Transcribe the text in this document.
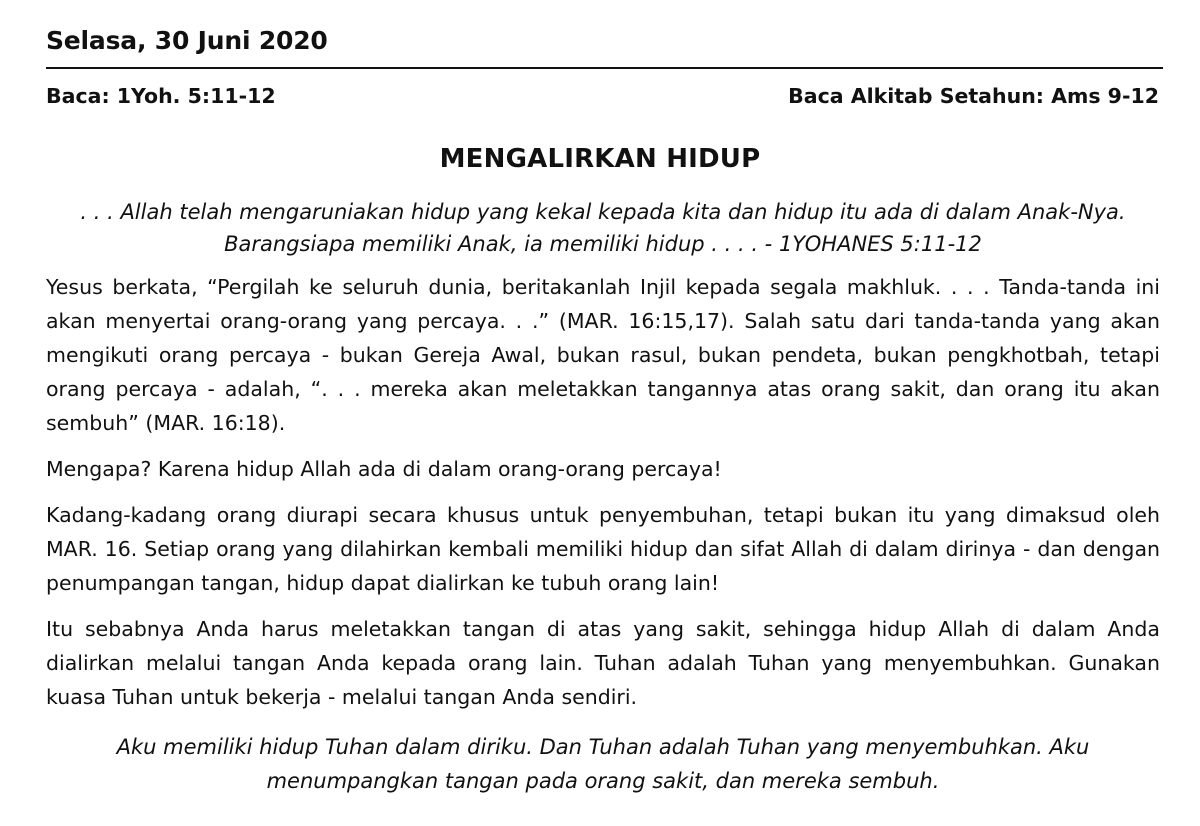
Selasa, 30 Juni 2020
Baca: 1Yoh. 5:11-12	Baca Alkitab Setahun: Ams 9-12
MENGALIRKAN HIDUP
. . . Allah telah mengaruniakan hidup yang kekal kepada kita dan hidup itu ada di dalam Anak-Nya. Barangsiapa memiliki Anak, ia memiliki hidup . . . . - 1YOHANES 5:11-12

Yesus berkata, “Pergilah ke seluruh dunia, beritakanlah Injil kepada segala makhluk. . . . Tanda-tanda ini akan menyertai orang-orang yang percaya. . .” (MAR. 16:15,17). Salah satu dari tanda-tanda yang akan mengikuti orang percaya - bukan Gereja Awal, bukan rasul, bukan pendeta, bukan pengkhotbah, tetapi orang percaya - adalah, “. . . mereka akan meletakkan tangannya atas orang sakit, dan orang itu akan sembuh” (MAR. 16:18).

Mengapa? Karena hidup Allah ada di dalam orang-orang percaya!

Kadang-kadang orang diurapi secara khusus untuk penyembuhan, tetapi bukan itu yang dimaksud oleh MAR. 16. Setiap orang yang dilahirkan kembali memiliki hidup dan sifat Allah di dalam dirinya - dan dengan penumpangan tangan, hidup dapat dialirkan ke tubuh orang lain!

Itu sebabnya Anda harus meletakkan tangan di atas yang sakit, sehingga hidup Allah di dalam Anda dialirkan melalui tangan Anda kepada orang lain. Tuhan adalah Tuhan yang menyembuhkan. Gunakan kuasa Tuhan untuk bekerja - melalui tangan Anda sendiri.

Aku memiliki hidup Tuhan dalam diriku. Dan Tuhan adalah Tuhan yang menyembuhkan. Aku menumpangkan tangan pada orang sakit, dan mereka sembuh.
